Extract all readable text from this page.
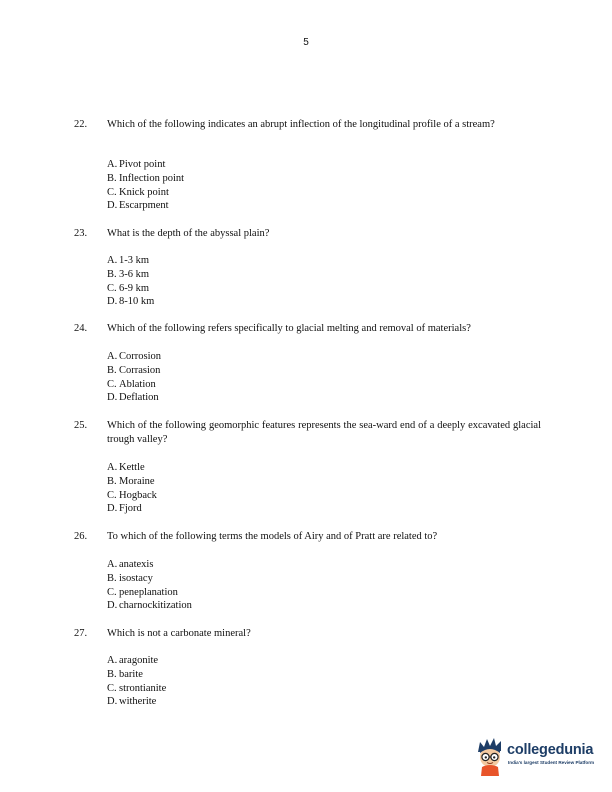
5
22. Which of the following indicates an abrupt inflection of the longitudinal profile of a stream?

A. Pivot point
B. Inflection point
C. Knick point
D. Escarpment
23. What is the depth of the abyssal plain?

A. 1-3 km
B. 3-6 km
C. 6-9 km
D. 8-10 km
24. Which of the following refers specifically to glacial melting and removal of materials?

A. Corrosion
B. Corrasion
C. Ablation
D. Deflation
25. Which of the following geomorphic features represents the sea-ward end of a deeply excavated glacial trough valley?

A. Kettle
B. Moraine
C. Hogback
D. Fjord
26. To which of the following terms the models of Airy and of Pratt are related to?

A. anatexis
B. isostacy
C. peneplanation
D. charnockitization
27. Which is not a carbonate mineral?

A. aragonite
B. barite
C. strontianite
D. witherite
collegedunia
India's largest Student Review Platform
